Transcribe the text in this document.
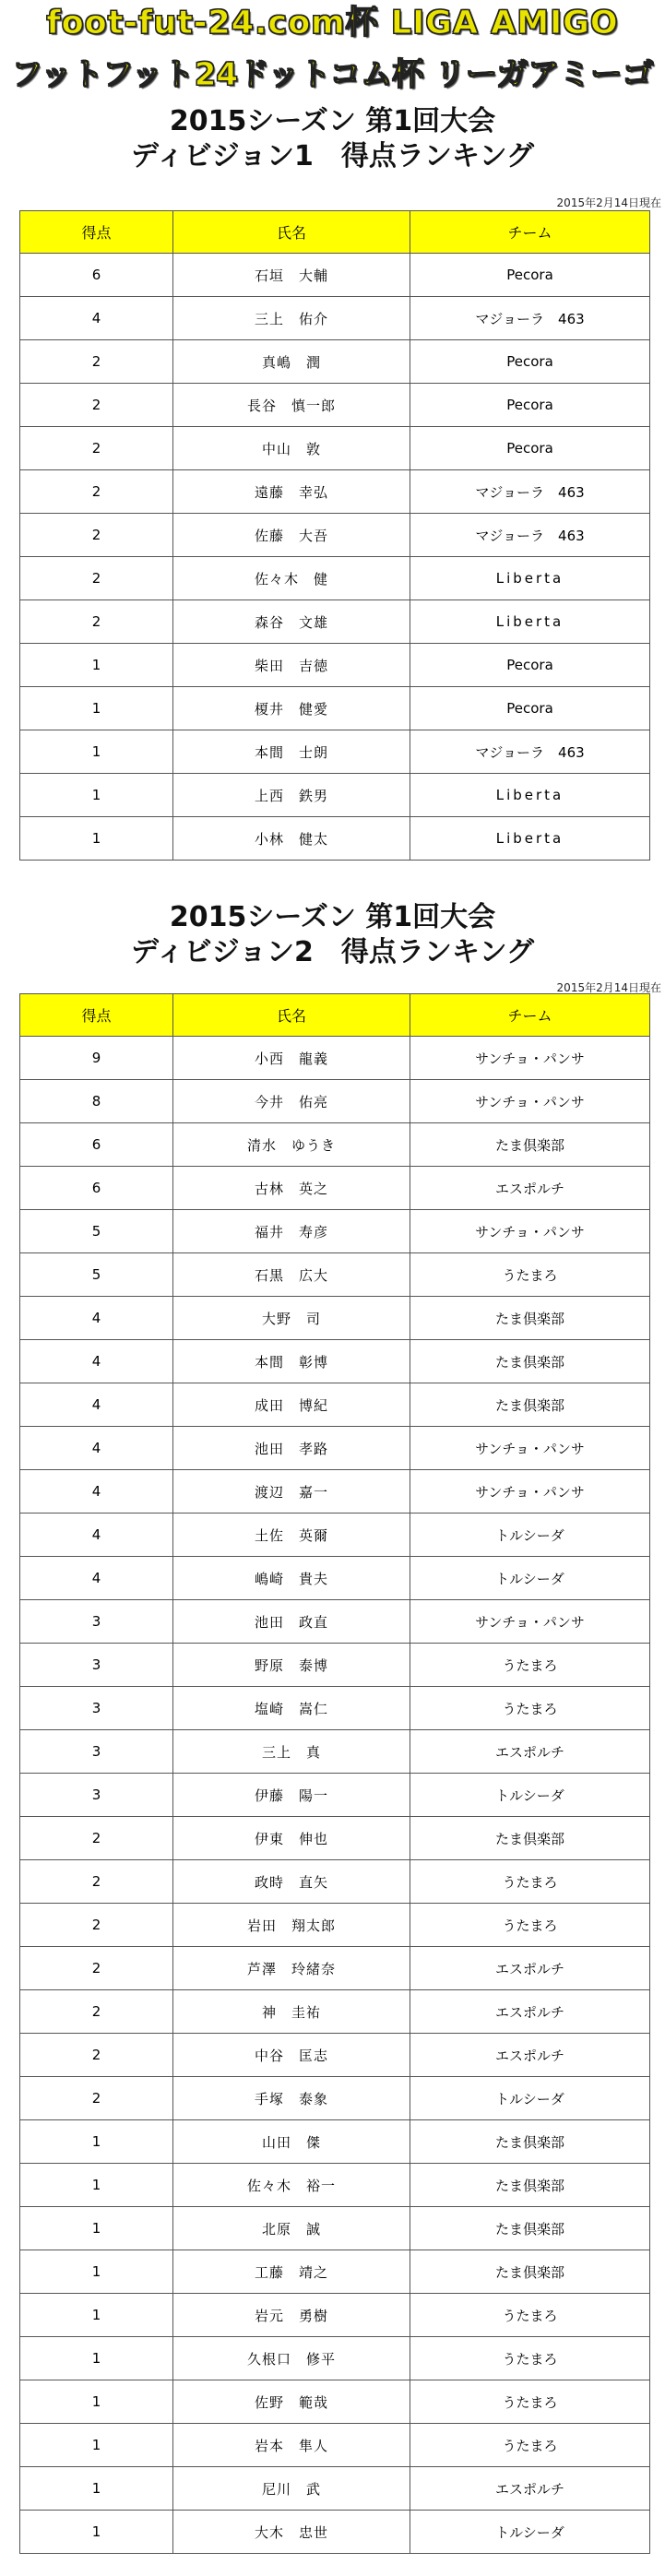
foot-fut-24.com杯 LIGA AMIGO
フットフット24ドットコム杯 リーガアミーゴ
2015シーズン 第1回大会
ディビジョン1　得点ランキング
2015年2月14日現在
得点	氏名	チーム
6	石垣　大輔	Pecora
4	三上　佑介	マジョーラ　463
2	真嶋　潤	Pecora
2	長谷　慎一郎	Pecora
2	中山　敦	Pecora
2	遠藤　幸弘	マジョーラ　463
2	佐藤　大吾	マジョーラ　463
2	佐々木　健	Liberta
2	森谷　文雄	Liberta
1	柴田　吉徳	Pecora
1	榎井　健愛	Pecora
1	本間　士朗	マジョーラ　463
1	上西　鉄男	Liberta
1	小林　健太	Liberta
2015シーズン 第1回大会
ディビジョン2　得点ランキング
2015年2月14日現在
得点	氏名	チーム
9	小西　龍義	サンチョ・パンサ
8	今井　佑亮	サンチョ・パンサ
6	清水　ゆうき	たま倶楽部
6	古林　英之	エスポルチ
5	福井　寿彦	サンチョ・パンサ
5	石黒　広大	うたまろ
4	大野　司	たま倶楽部
4	本間　彰博	たま倶楽部
4	成田　博紀	たま倶楽部
4	池田　孝路	サンチョ・パンサ
4	渡辺　嘉一	サンチョ・パンサ
4	土佐　英爾	トルシーダ
4	嶋崎　貴夫	トルシーダ
3	池田　政直	サンチョ・パンサ
3	野原　泰博	うたまろ
3	塩崎　嵩仁	うたまろ
3	三上　真	エスポルチ
3	伊藤　陽一	トルシーダ
2	伊東　伸也	たま倶楽部
2	政時　直矢	うたまろ
2	岩田　翔太郎	うたまろ
2	芦澤　玲緒奈	エスポルチ
2	神　圭祐	エスポルチ
2	中谷　匡志	エスポルチ
2	手塚　泰象	トルシーダ
1	山田　傑	たま倶楽部
1	佐々木　裕一	たま倶楽部
1	北原　誠	たま倶楽部
1	工藤　靖之	たま倶楽部
1	岩元　勇樹	うたまろ
1	久根口　修平	うたまろ
1	佐野　範哉	うたまろ
1	岩本　隼人	うたまろ
1	尼川　武	エスポルチ
1	大木　忠世	トルシーダ
